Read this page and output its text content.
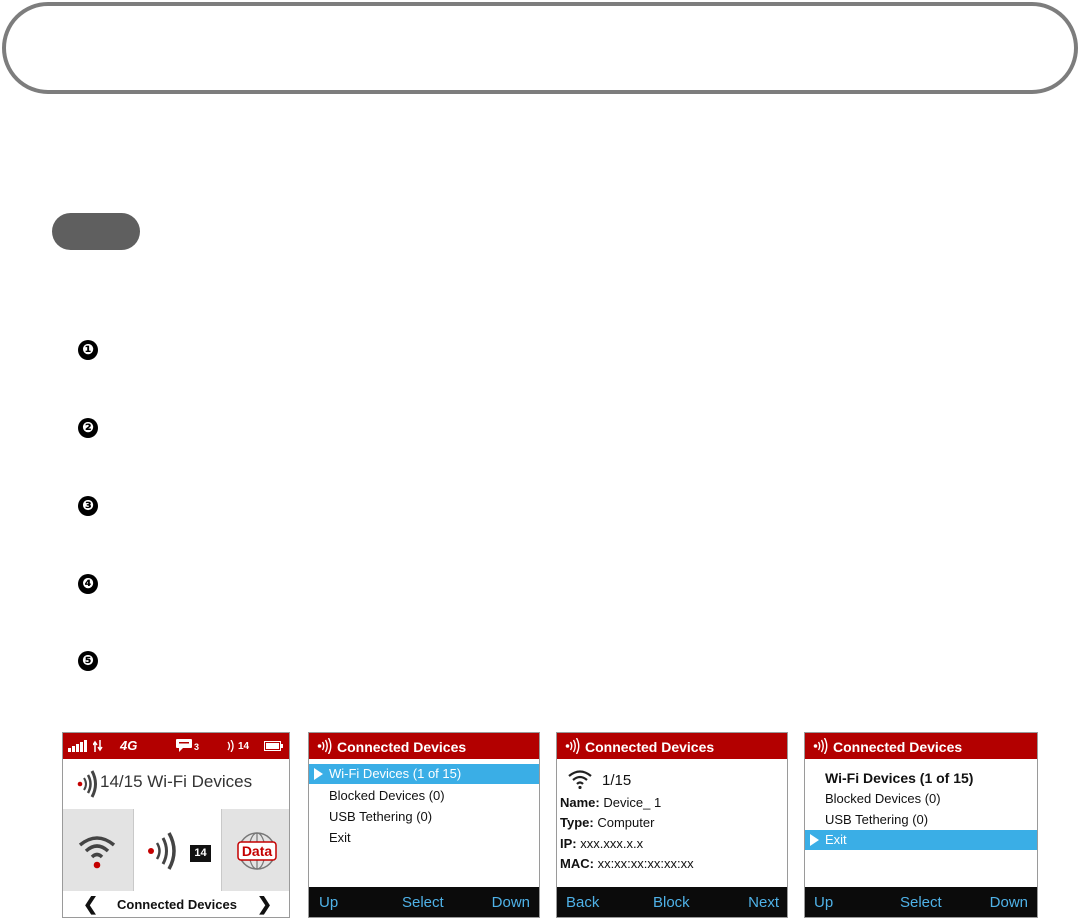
❶
❷
❸
❹
❺
4G	3	14
14/15 Wi-Fi Devices
14	Data
❮	Connected Devices	❯
Connected Devices
Wi-Fi Devices (1 of 15)
Blocked Devices (0)
USB Tethering (0)
Exit
Up	Select	Down
Connected Devices
1/15
Name: Device_ 1
Type: Computer
IP: xxx.xxx.x.x
MAC: xx:xx:xx:xx:xx:xx
Back	Block	Next
Connected Devices
Wi-Fi Devices (1 of 15)
Blocked Devices (0)
USB Tethering (0)
Exit
Up	Select	Down
